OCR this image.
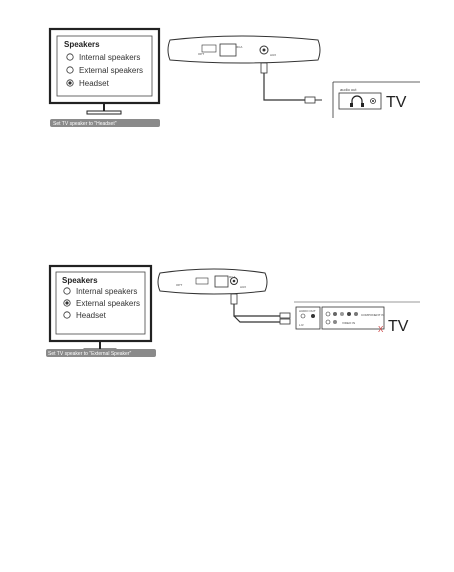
Speakers
Internal speakers
External speakers
Headset
Set TV speaker to "Headset"
OPT
RCA
AUX
audio out
TV
Speakers
Internal speakers
External speakers
Headset
Set TV speaker to "External Speaker"
OPT
RCA
AUX
AUDIO OUT
L R
COMPONENT IN
VIDEO IN
X TV
